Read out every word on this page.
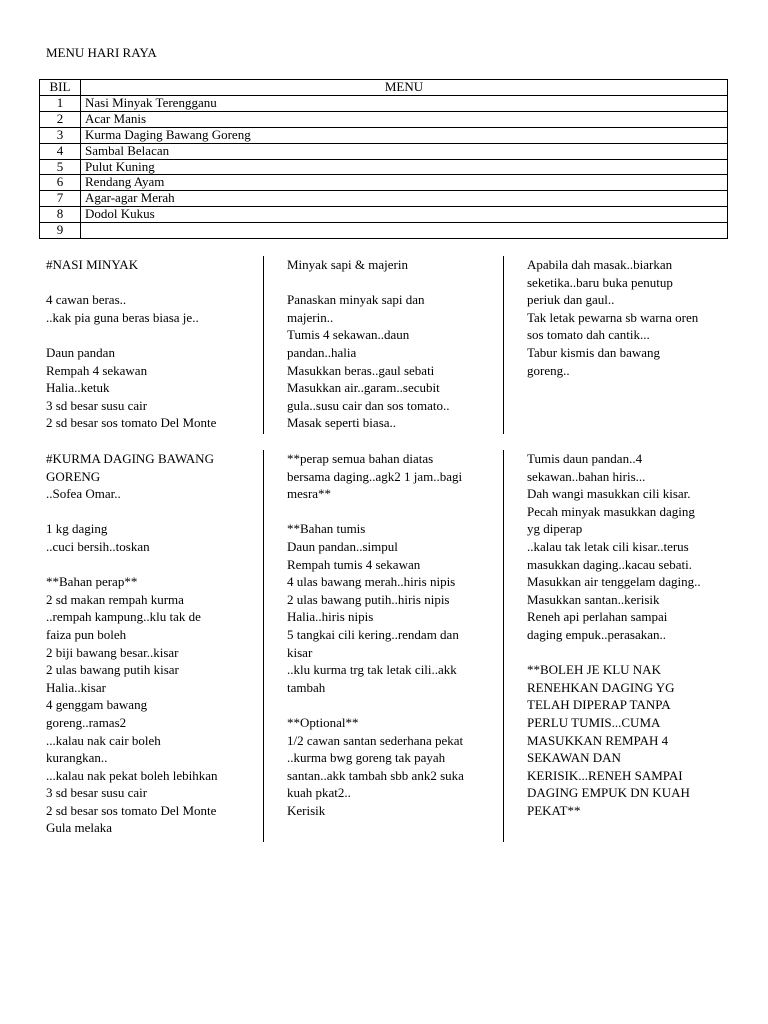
MENU HARI RAYA
BIL	MENU
1	Nasi Minyak Terengganu
2	Acar Manis
3	Kurma Daging Bawang Goreng
4	Sambal Belacan
5	Pulut Kuning
6	Rendang Ayam
7	Agar-agar Merah
8	Dodol Kukus
9	
#NASI MINYAK
4 cawan beras..
..kak pia guna beras biasa je..
Daun pandan
Rempah 4 sekawan
Halia..ketuk
3 sd besar susu cair
2 sd besar sos tomato Del Monte
Minyak sapi & majerin
Panaskan minyak sapi dan
majerin..
Tumis 4 sekawan..daun
pandan..halia
Masukkan beras..gaul sebati
Masukkan air..garam..secubit
gula..susu cair dan sos tomato..
Masak seperti biasa..
Apabila dah masak..biarkan
seketika..baru buka penutup
periuk dan gaul..
Tak letak pewarna sb warna oren
sos tomato dah cantik...
Tabur kismis dan bawang
goreng..
#KURMA DAGING BAWANG
GORENG
..Sofea Omar..
1 kg daging
..cuci bersih..toskan
**Bahan perap**
2 sd makan rempah kurma
..rempah kampung..klu tak de
faiza pun boleh
2 biji bawang besar..kisar
2 ulas bawang putih kisar
Halia..kisar
4 genggam bawang
goreng..ramas2
...kalau nak cair boleh
kurangkan..
...kalau nak pekat boleh lebihkan
3 sd besar susu cair
2 sd besar sos tomato Del Monte
Gula melaka
**perap semua bahan diatas
bersama daging..agk2 1 jam..bagi
mesra**
**Bahan tumis
Daun pandan..simpul
Rempah tumis 4 sekawan
4 ulas bawang merah..hiris nipis
2 ulas bawang putih..hiris nipis
Halia..hiris nipis
5 tangkai cili kering..rendam dan
kisar
..klu kurma trg tak letak cili..akk
tambah
**Optional**
1/2 cawan santan sederhana pekat
..kurma bwg goreng tak payah
santan..akk tambah sbb ank2 suka
kuah pkat2..
Kerisik
Tumis daun pandan..4
sekawan..bahan hiris...
Dah wangi masukkan cili kisar.
Pecah minyak masukkan daging
yg diperap
..kalau tak letak cili kisar..terus
masukkan daging..kacau sebati.
Masukkan air tenggelam daging..
Masukkan santan..kerisik
Reneh api perlahan sampai
daging empuk..perasakan..
**BOLEH JE KLU NAK
RENEHKAN DAGING YG
TELAH DIPERAP TANPA
PERLU TUMIS...CUMA
MASUKKAN REMPAH 4
SEKAWAN DAN
KERISIK...RENEH SAMPAI
DAGING EMPUK DN KUAH
PEKAT**
